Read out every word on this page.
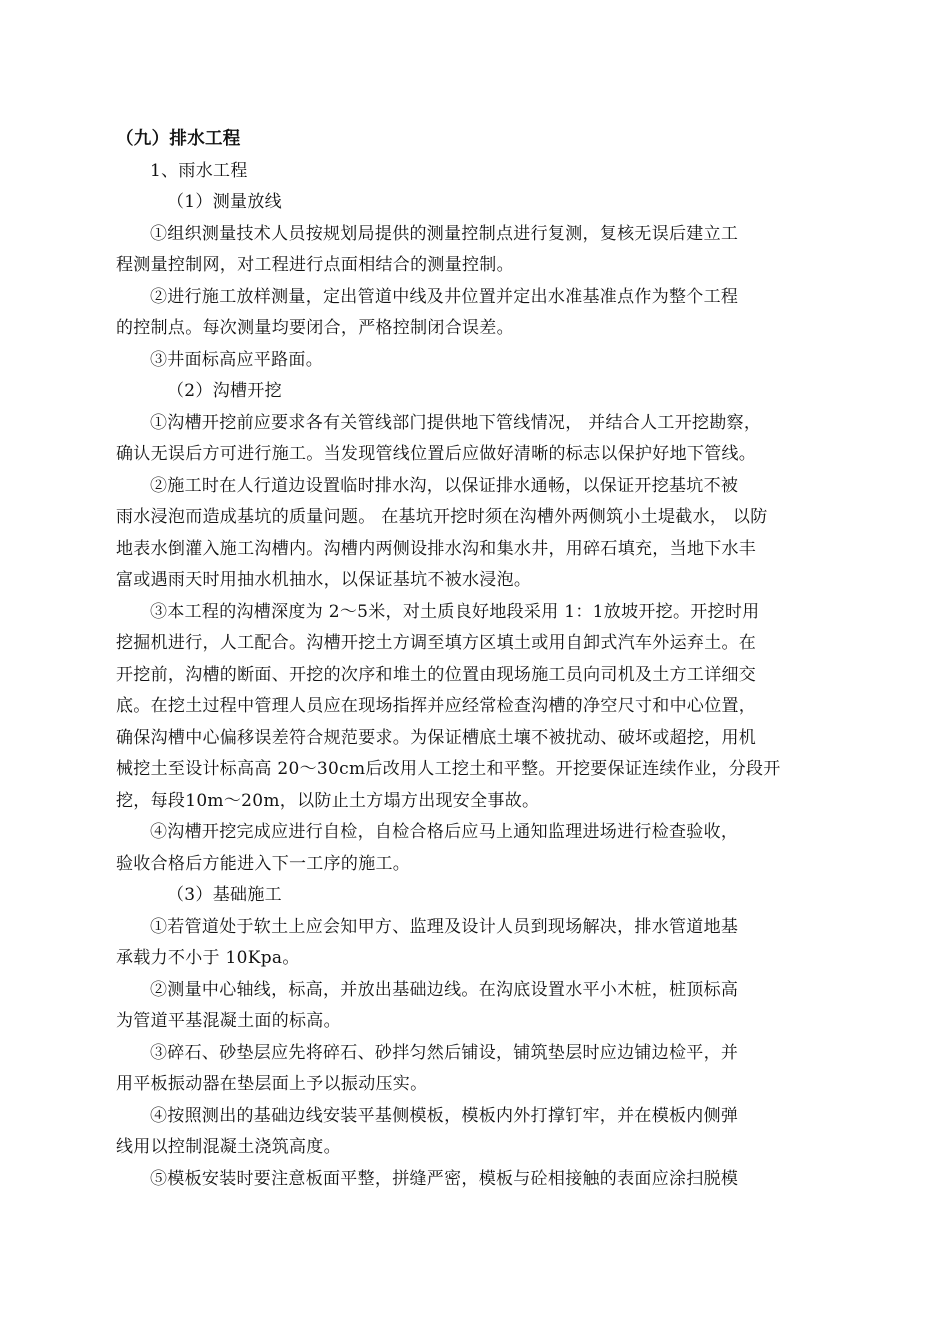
（九）排水工程

1、雨水工程

（1）测量放线

①组织测量技术人员按规划局提供的测量控制点进行复测，复核无误后建立工

程测量控制网，对工程进行点面相结合的测量控制。

②进行施工放样测量，定出管道中线及井位置并定出水准基准点作为整个工程

的控制点。每次测量均要闭合，严格控制闭合误差。

③井面标高应平路面。

（2）沟槽开挖

①沟槽开挖前应要求各有关管线部门提供地下管线情况， 并结合人工开挖勘察，

确认无误后方可进行施工。当发现管线位置后应做好清晰的标志以保护好地下管线。

②施工时在人行道边设置临时排水沟，以保证排水通畅，以保证开挖基坑不被

雨水浸泡而造成基坑的质量问题。 在基坑开挖时须在沟槽外两侧筑小土堤截水， 以防

地表水倒灌入施工沟槽内。沟槽内两侧设排水沟和集水井，用碎石填充，当地下水丰

富或遇雨天时用抽水机抽水，以保证基坑不被水浸泡。

③本工程的沟槽深度为 2～5米，对土质良好地段采用 1：1放坡开挖。开挖时用

挖掘机进行，人工配合。沟槽开挖土方调至填方区填土或用自卸式汽车外运弃土。在

开挖前，沟槽的断面、开挖的次序和堆土的位置由现场施工员向司机及土方工详细交

底。在挖土过程中管理人员应在现场指挥并应经常检查沟槽的净空尺寸和中心位置，

确保沟槽中心偏移误差符合规范要求。为保证槽底土壤不被扰动、破坏或超挖，用机

械挖土至设计标高高 20～30cm后改用人工挖土和平整。开挖要保证连续作业，分段开

挖，每段10m～20m，以防止土方塌方出现安全事故。

④沟槽开挖完成应进行自检，自检合格后应马上通知监理进场进行检查验收，

验收合格后方能进入下一工序的施工。

（3）基础施工

①若管道处于软土上应会知甲方、监理及设计人员到现场解决，排水管道地基

承载力不小于 10Kpa。

②测量中心轴线，标高，并放出基础边线。在沟底设置水平小木桩，桩顶标高

为管道平基混凝土面的标高。

③碎石、砂垫层应先将碎石、砂拌匀然后铺设，铺筑垫层时应边铺边检平，并

用平板振动器在垫层面上予以振动压实。

④按照测出的基础边线安装平基侧模板，模板内外打撑钉牢，并在模板内侧弹

线用以控制混凝土浇筑高度。

⑤模板安装时要注意板面平整，拼缝严密，模板与砼相接触的表面应涂扫脱模
